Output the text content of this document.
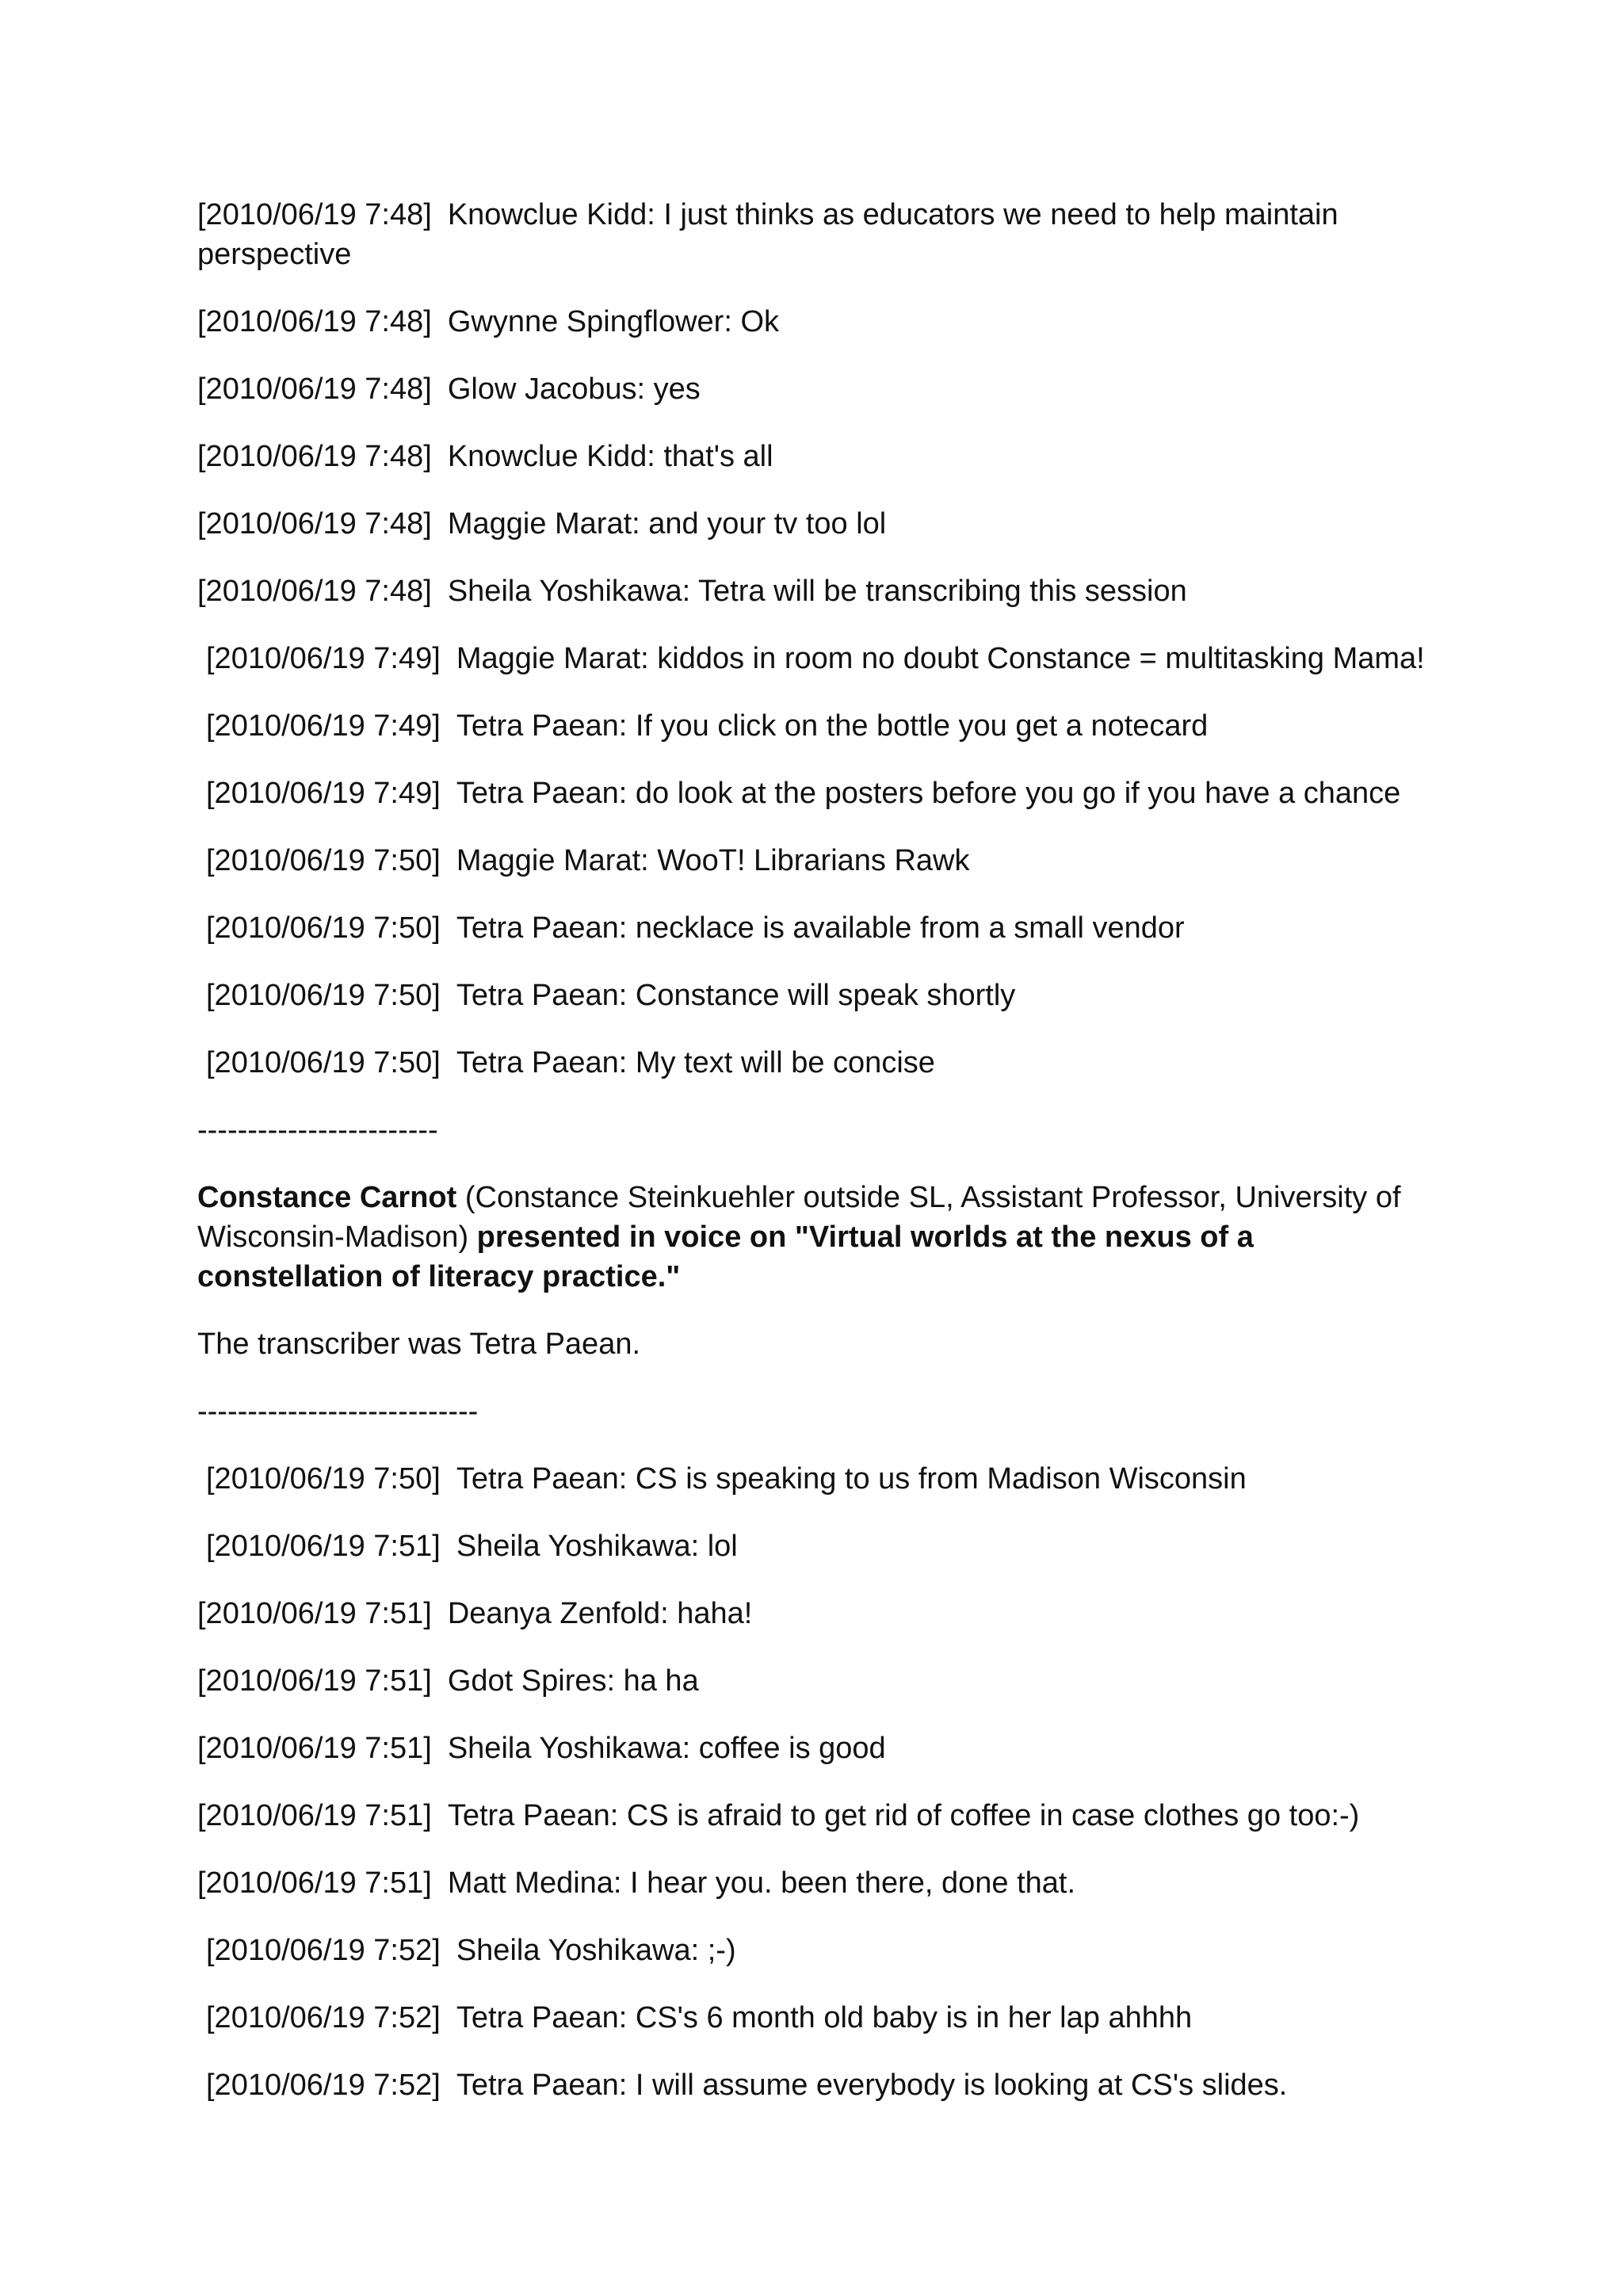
[2010/06/19 7:48] Knowclue Kidd: I just thinks as educators we need to help maintain perspective
[2010/06/19 7:48] Gwynne Spingflower: Ok
[2010/06/19 7:48] Glow Jacobus: yes
[2010/06/19 7:48] Knowclue Kidd: that's all
[2010/06/19 7:48] Maggie Marat: and your tv too lol
[2010/06/19 7:48] Sheila Yoshikawa: Tetra will be transcribing this session
[2010/06/19 7:49] Maggie Marat: kiddos in room no doubt Constance = multitasking Mama!
[2010/06/19 7:49] Tetra Paean: If you click on the bottle you get a notecard
[2010/06/19 7:49] Tetra Paean: do look at the posters before you go if you have a chance
[2010/06/19 7:50] Maggie Marat: WooT! Librarians Rawk
[2010/06/19 7:50] Tetra Paean: necklace is available from a small vendor
[2010/06/19 7:50] Tetra Paean: Constance will speak shortly
[2010/06/19 7:50] Tetra Paean: My text will be concise
------------------------
Constance Carnot (Constance Steinkuehler outside SL, Assistant Professor, University of Wisconsin-Madison) presented in voice on "Virtual worlds at the nexus of a constellation of literacy practice."
The transcriber was Tetra Paean.
----------------------------
[2010/06/19 7:50] Tetra Paean: CS is speaking to us from Madison Wisconsin
[2010/06/19 7:51] Sheila Yoshikawa: lol
[2010/06/19 7:51] Deanya Zenfold: haha!
[2010/06/19 7:51] Gdot Spires: ha ha
[2010/06/19 7:51] Sheila Yoshikawa: coffee is good
[2010/06/19 7:51] Tetra Paean: CS is afraid to get rid of coffee in case clothes go too:-)
[2010/06/19 7:51] Matt Medina: I hear you. been there, done that.
[2010/06/19 7:52] Sheila Yoshikawa: ;-)
[2010/06/19 7:52] Tetra Paean: CS's 6 month old baby is in her lap ahhhh
[2010/06/19 7:52] Tetra Paean: I will assume everybody is looking at CS's slides.
